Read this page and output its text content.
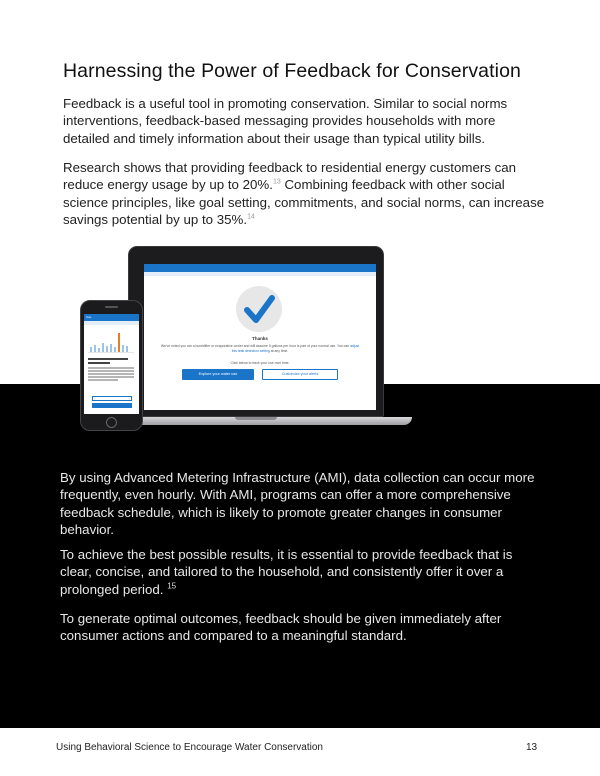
Harnessing the Power of Feedback for Conservation

Feedback is a useful tool in promoting conservation. Similar to social norms interventions, feedback-based messaging provides households with more detailed and timely information about their usage than typical utility bills.

Research shows that providing feedback to residential energy customers can reduce energy usage by up to 20%.$^{13}$ Combining feedback with other social science principles, like goal setting, commitments, and social norms, can increase savings potential by up to 35%.$^{14}$

Thanks
We've noted you ran a humidifier or evaporative cooler and will assume 5 gallons per hour is part of your normal use. You can adjust this leak detection setting at any time.
Click below to track your use over time.
Explore your water use	Customize your alerts
Use

By using Advanced Metering Infrastructure (AMI), data collection can occur more frequently, even hourly. With AMI, programs can offer a more comprehensive feedback schedule, which is likely to promote greater changes in consumer behavior.

To achieve the best possible results, it is essential to provide feedback that is clear, concise, and tailored to the household, and consistently offer it over a prolonged period. $^{15}$

To generate optimal outcomes, feedback should be given immediately after consumer actions and compared to a meaningful standard.

Using Behavioral Science to Encourage Water Conservation	13
